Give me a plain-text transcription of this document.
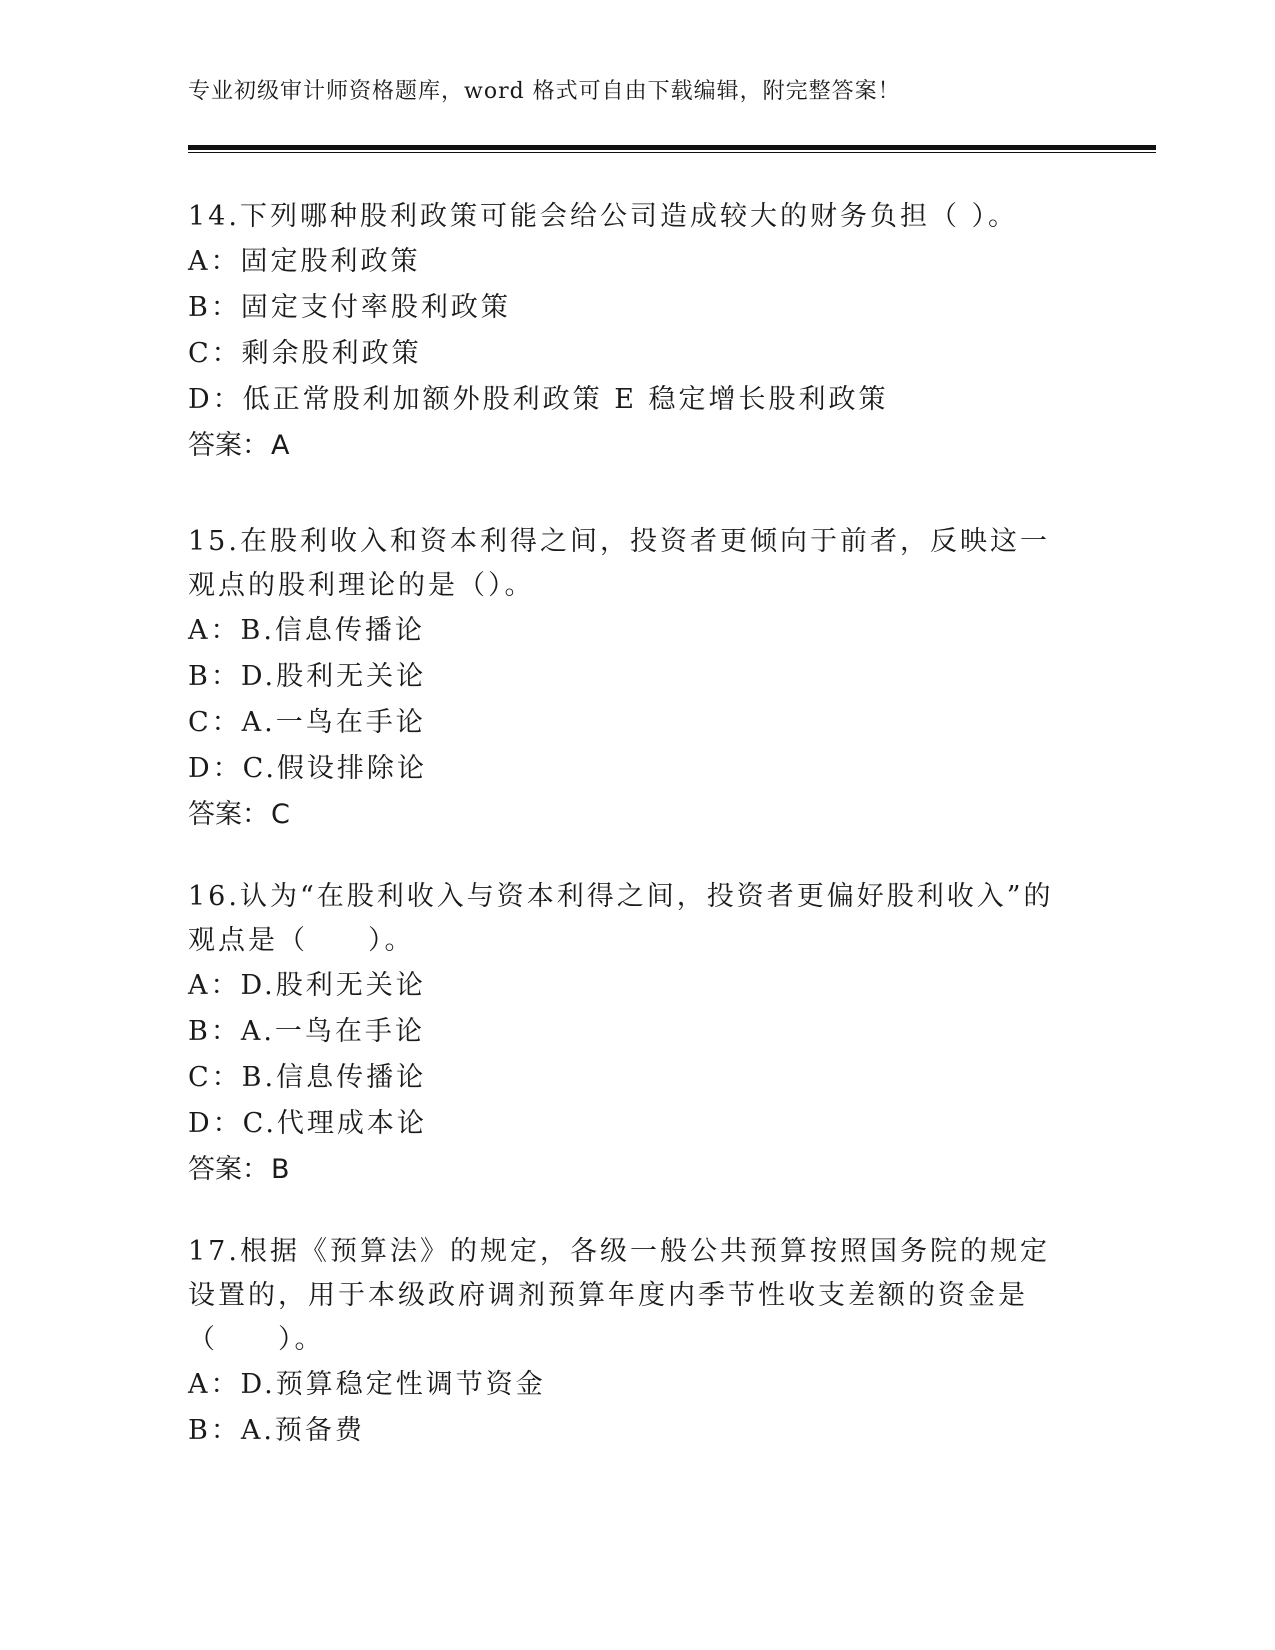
专业初级审计师资格题库，word 格式可自由下载编辑，附完整答案！
14.下列哪种股利政策可能会给公司造成较大的财务负担（ ）。
A：固定股利政策
B：固定支付率股利政策
C：剩余股利政策
D：低正常股利加额外股利政策 E 稳定增长股利政策
答案：A
15.在股利收入和资本利得之间，投资者更倾向于前者，反映这一观点的股利理论的是（）。
A：B.信息传播论
B：D.股利无关论
C：A.一鸟在手论
D：C.假设排除论
答案：C
16.认为“在股利收入与资本利得之间，投资者更偏好股利收入”的观点是（　　）。
A：D.股利无关论
B：A.一鸟在手论
C：B.信息传播论
D：C.代理成本论
答案：B
17.根据《预算法》的规定，各级一般公共预算按照国务院的规定设置的，用于本级政府调剂预算年度内季节性收支差额的资金是（　　）。
A：D.预算稳定性调节资金
B：A.预备费
